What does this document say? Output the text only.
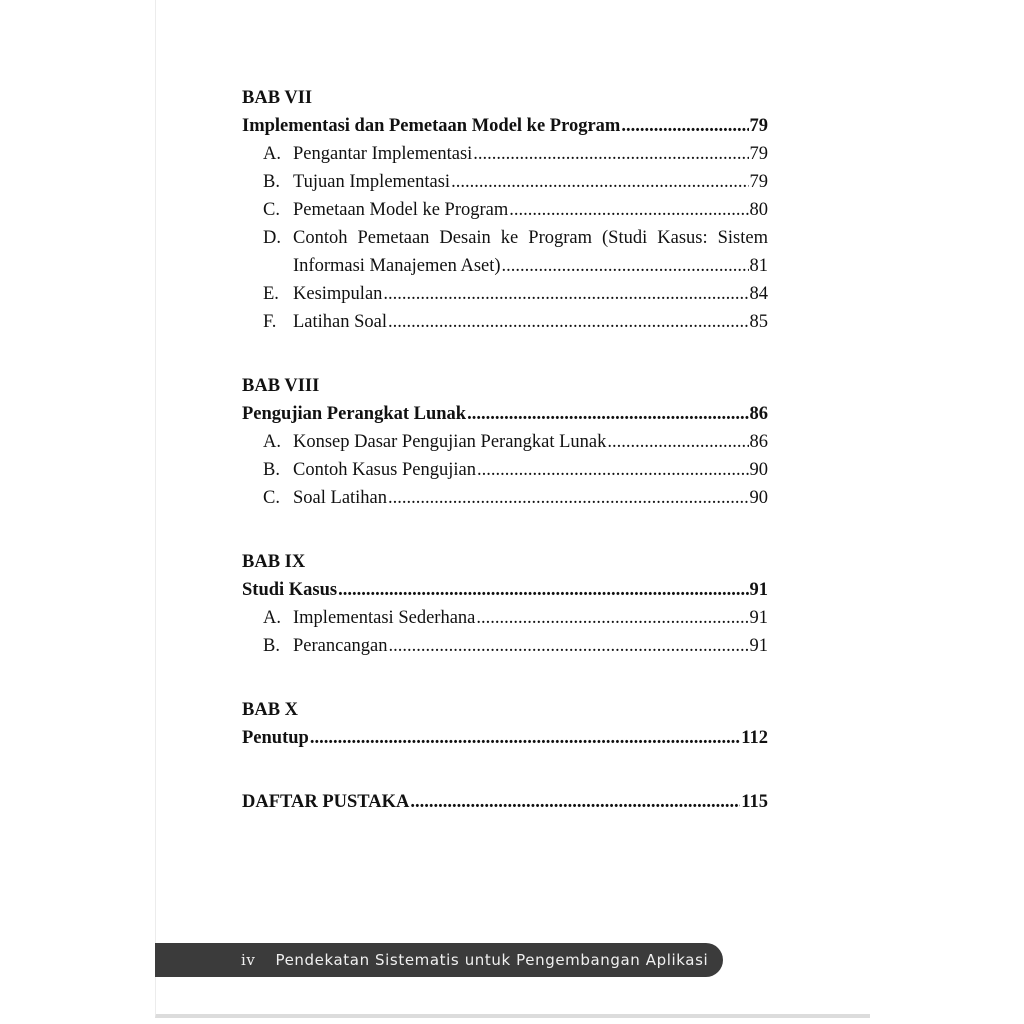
BAB VII
Implementasi dan Pemetaan Model ke Program .....	79
A. Pengantar Implementasi .....	79
B. Tujuan Implementasi .....	79
C. Pemetaan Model ke Program .....	80
D. Contoh Pemetaan Desain ke Program (Studi Kasus: Sistem
Informasi Manajemen Aset) .....	81
E. Kesimpulan .....	84
F. Latihan Soal .....	85
BAB VIII
Pengujian Perangkat Lunak .....	86
A. Konsep Dasar Pengujian Perangkat Lunak .....	86
B. Contoh Kasus Pengujian .....	90
C. Soal Latihan .....	90
BAB IX
Studi Kasus .....	91
A. Implementasi Sederhana .....	91
B. Perancangan .....	91
BAB X
Penutup .....	112
DAFTAR PUSTAKA .....	115
iv Pendekatan Sistematis untuk Pengembangan Aplikasi
